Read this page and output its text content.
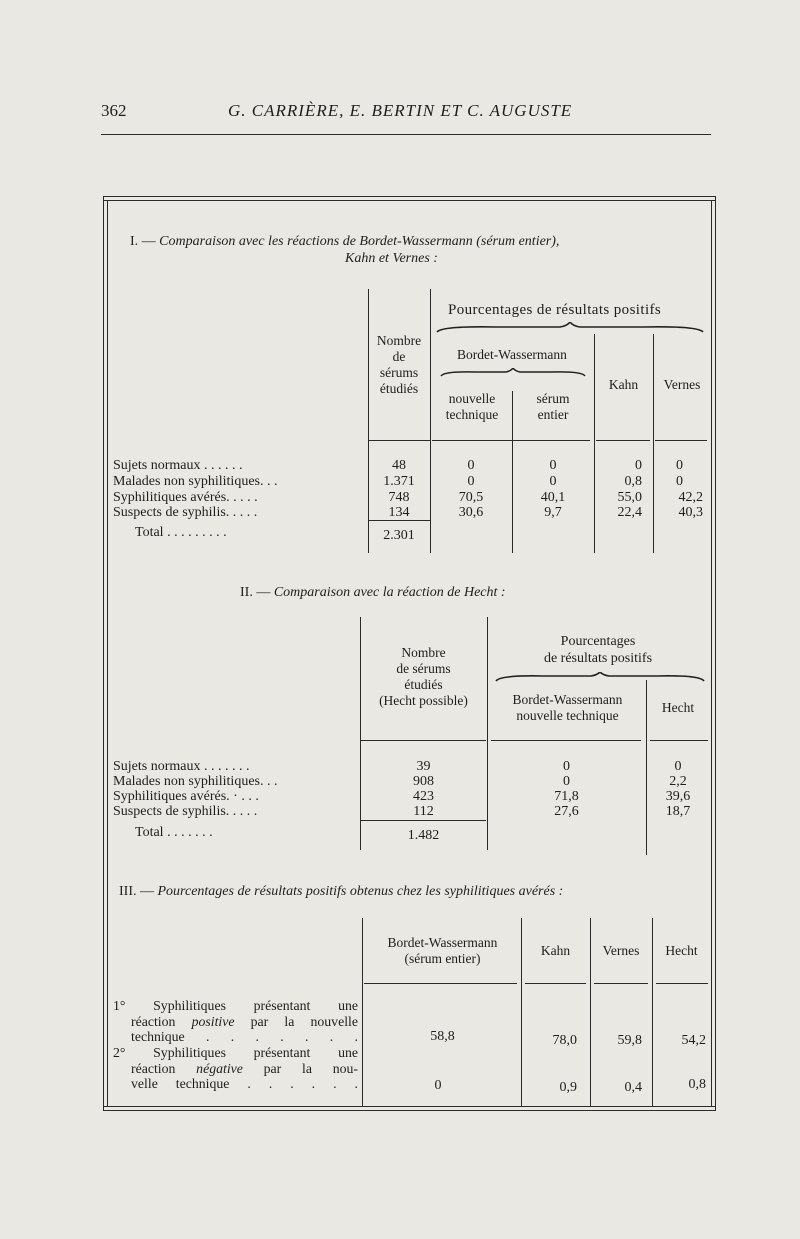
362	G. CARRIÈRE, E. BERTIN ET C. AUGUSTE
I. — Comparaison avec les réactions de Bordet-Wassermann (sérum entier),
Kahn et Vernes :
Pourcentages de résultats positifs
Nombre
de
sérums
étudiés
Bordet-Wassermann
nouvelle
technique
sérum
entier
Kahn	Vernes
Sujets normaux . . . . . .	48	0	0	0	0
Malades non syphilitiques. . .	1.371	0	0	0,8	0
Syphilitiques avérés. . . . .	748	70,5	40,1	55,0	42,2
Suspects de syphilis. . . . .	134	30,6	9,7	22,4	40,3
Total . . . . . . . . .	2.301
II. — Comparaison avec la réaction de Hecht :
Nombre
de sérums
étudiés
(Hecht possible)
Pourcentages
de résultats positifs
Bordet-Wassermann
nouvelle technique
Hecht
Sujets normaux . . . . . . .	39	0	0
Malades non syphilitiques. . .	908	0	2,2
Syphilitiques avérés. · . . .	423	71,8	39,6
Suspects de syphilis. . . . .	112	27,6	18,7
Total . . . . . . .	1.482
III. — Pourcentages de résultats positifs obtenus chez les syphilitiques avérés :
Bordet-Wassermann
(sérum entier)
Kahn	Vernes	Hecht
1° Syphilitiques présentant une
réaction positive par la nouvelle
technique . . . . . . .	58,8	78,0	59,8	54,2
2° Syphilitiques présentant une
réaction négative par la nou-
velle technique . . . . . .	0	0,9	0,4	0,8
